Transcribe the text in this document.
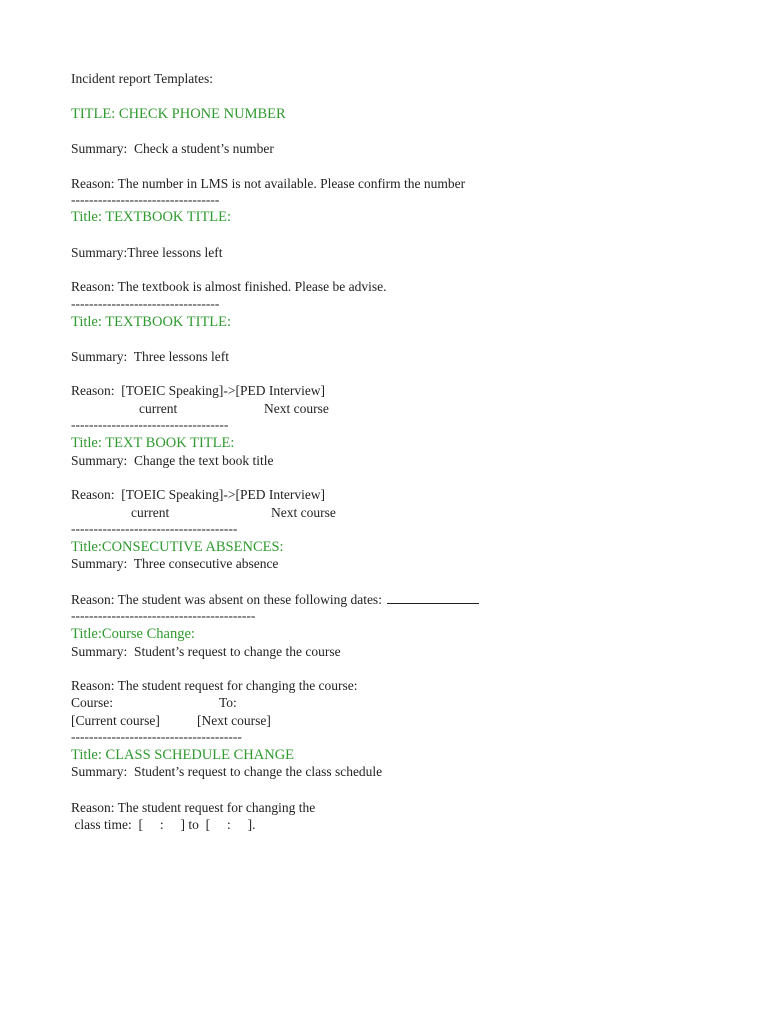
Incident report Templates:
TITLE: CHECK PHONE NUMBER
Summary:  Check a student’s number
Reason: The number in LMS is not available. Please confirm the number
---------------------------------
Title: TEXTBOOK TITLE:
Summary:Three lessons left
Reason: The textbook is almost finished. Please be advise.
---------------------------------
Title: TEXTBOOK TITLE:
Summary:  Three lessons left
Reason:  [TOEIC Speaking]->[PED Interview]
current	Next course
-----------------------------------
Title: TEXT BOOK TITLE:
Summary:  Change the text book title
Reason:  [TOEIC Speaking]->[PED Interview]
current	Next course
-------------------------------------
Title:CONSECUTIVE ABSENCES:
Summary:  Three consecutive absence
Reason: The student was absent on these following dates:
-----------------------------------------
Title:Course Change:
Summary:  Student’s request to change the course
Reason: The student request for changing the course:
Course:	To:
[Current course]	[Next course]
--------------------------------------
Title: CLASS SCHEDULE CHANGE
Summary:  Student’s request to change the class schedule
Reason: The student request for changing the
class time:  [     :     ] to  [     :     ].
